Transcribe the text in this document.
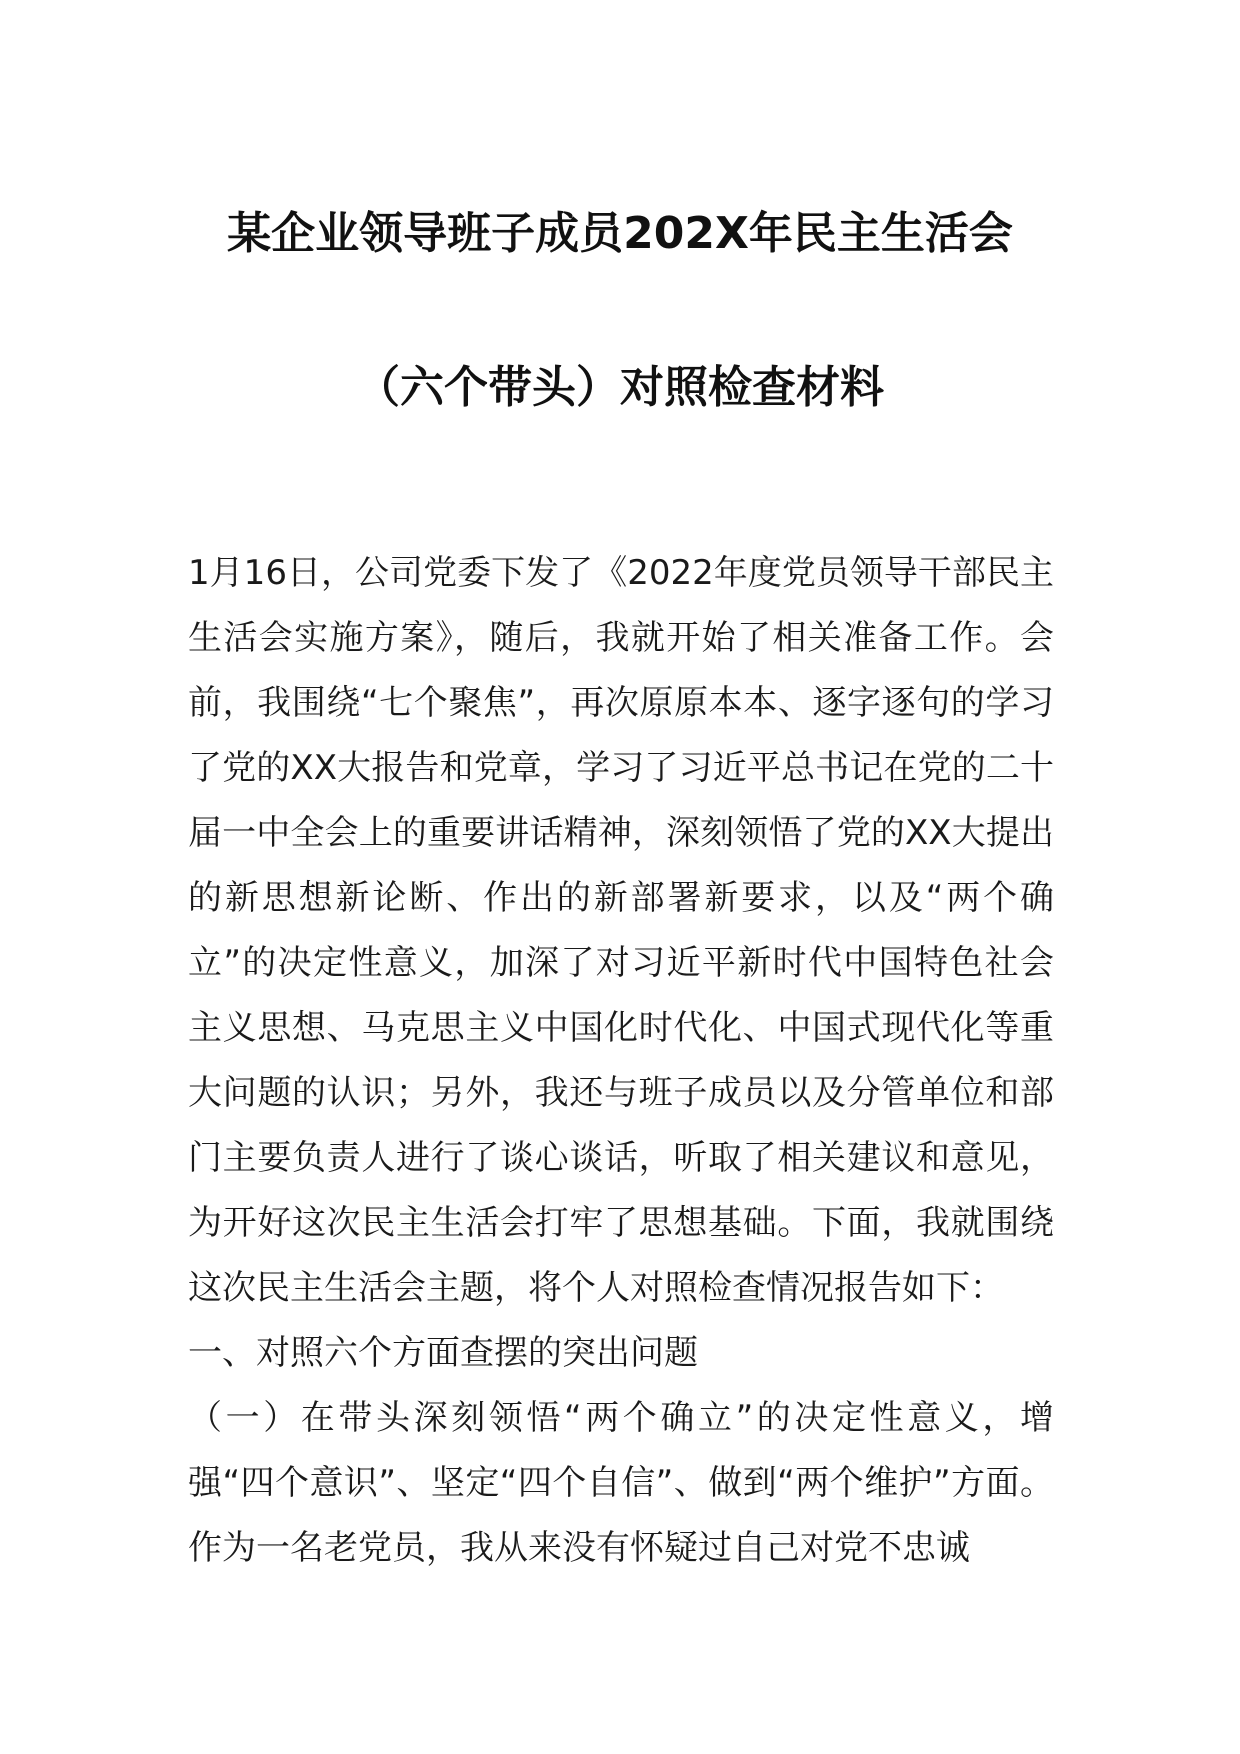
某企业领导班子成员202X年民主生活会
（六个带头）对照检查材料

1月16日，公司党委下发了《2022年度党员领导干部民主生活会实施方案》，随后，我就开始了相关准备工作。会前，我围绕“七个聚焦”，再次原原本本、逐字逐句的学习了党的XX大报告和党章，学习了习近平总书记在党的二十届一中全会上的重要讲话精神，深刻领悟了党的XX大提出的新思想新论断、作出的新部署新要求，以及“两个确立”的决定性意义，加深了对习近平新时代中国特色社会主义思想、马克思主义中国化时代化、中国式现代化等重大问题的认识；另外，我还与班子成员以及分管单位和部门主要负责人进行了谈心谈话，听取了相关建议和意见，为开好这次民主生活会打牢了思想基础。下面，我就围绕这次民主生活会主题，将个人对照检查情况报告如下：

一、对照六个方面查摆的突出问题

（一）在带头深刻领悟“两个确立”的决定性意义，增强“四个意识”、坚定“四个自信”、做到“两个维护”方面。作为一名老党员，我从来没有怀疑过自己对党不忠诚
